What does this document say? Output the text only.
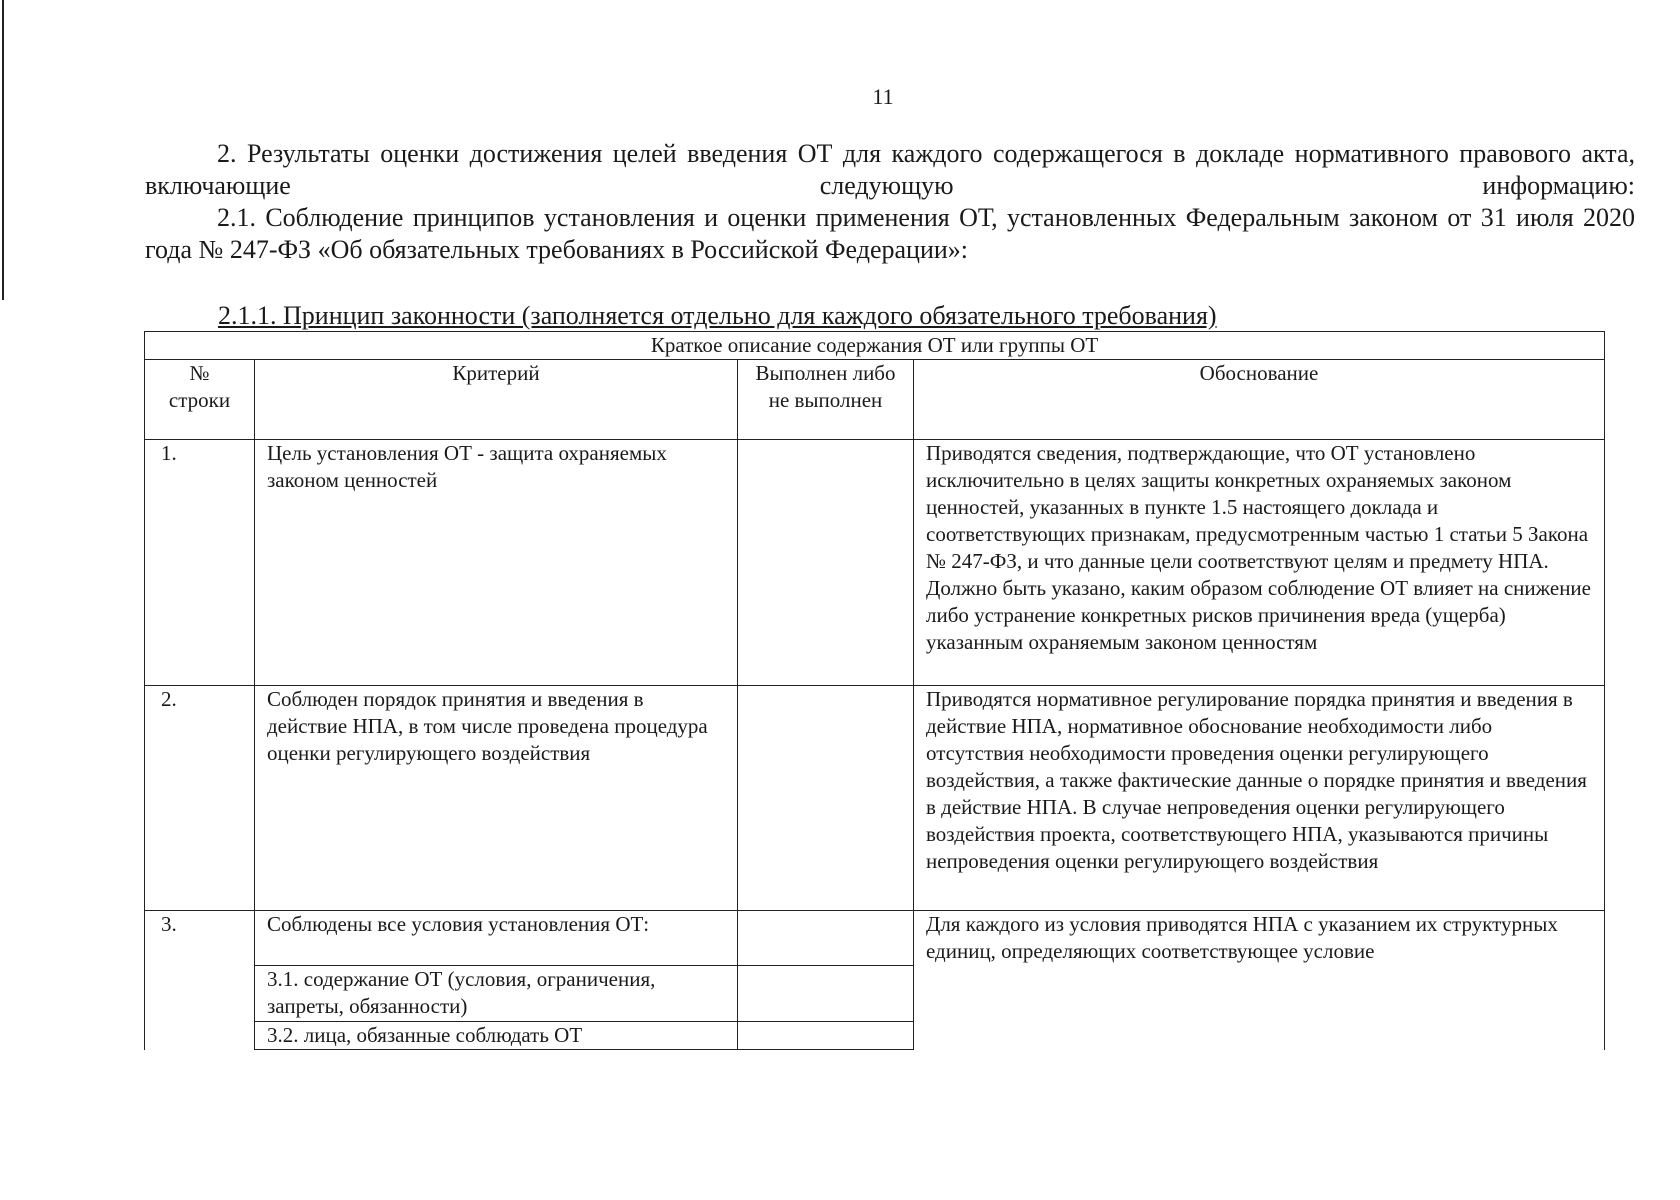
11

2. Результаты оценки достижения целей введения ОТ для каждого содержащегося в докладе нормативного правового акта, включающие следующую информацию:

2.1. Соблюдение принципов установления и оценки применения ОТ, установленных Федеральным законом от 31 июля 2020 года № 247-ФЗ «Об обязательных требованиях в Российской Федерации»:

2.1.1. Принцип законности (заполняется отдельно для каждого обязательного требования)
Краткое описание содержания ОТ или группы ОТ			
№ строки	Критерий	Выполнен либо не выполнен	Обоснование
1.	Цель установления ОТ - защита охраняемых законом ценностей		Приводятся сведения, подтверждающие, что ОТ установлено исключительно в целях защиты конкретных охраняемых законом ценностей, указанных в пункте 1.5 настоящего доклада и соответствующих признакам, предусмотренным частью 1 статьи 5 Закона № 247-ФЗ, и что данные цели соответствуют целям и предмету НПА.
Должно быть указано, каким образом соблюдение ОТ влияет на снижение либо устранение конкретных рисков причинения вреда (ущерба) указанным охраняемым законом ценностям

2.	Соблюден порядок принятия и введения в действие НПА, в том числе проведена процедура оценки регулирующего воздействия		Приводятся нормативное регулирование порядка принятия и введения в действие НПА, нормативное обоснование необходимости либо отсутствия необходимости проведения оценки регулирующего воздействия, а также фактические данные о порядке принятия и введения в действие НПА. В случае непроведения оценки регулирующего воздействия проекта, соответствующего НПА, указываются причины непроведения оценки регулирующего воздействия
3.	Соблюдены все условия установления ОТ:		Для каждого из условия приводятся НПА с указанием их структурных единиц, определяющих соответствующее условие
	3.1. содержание ОТ (условия, ограничения, запреты, обязанности)		
	3.2. лица, обязанные соблюдать ОТ		
